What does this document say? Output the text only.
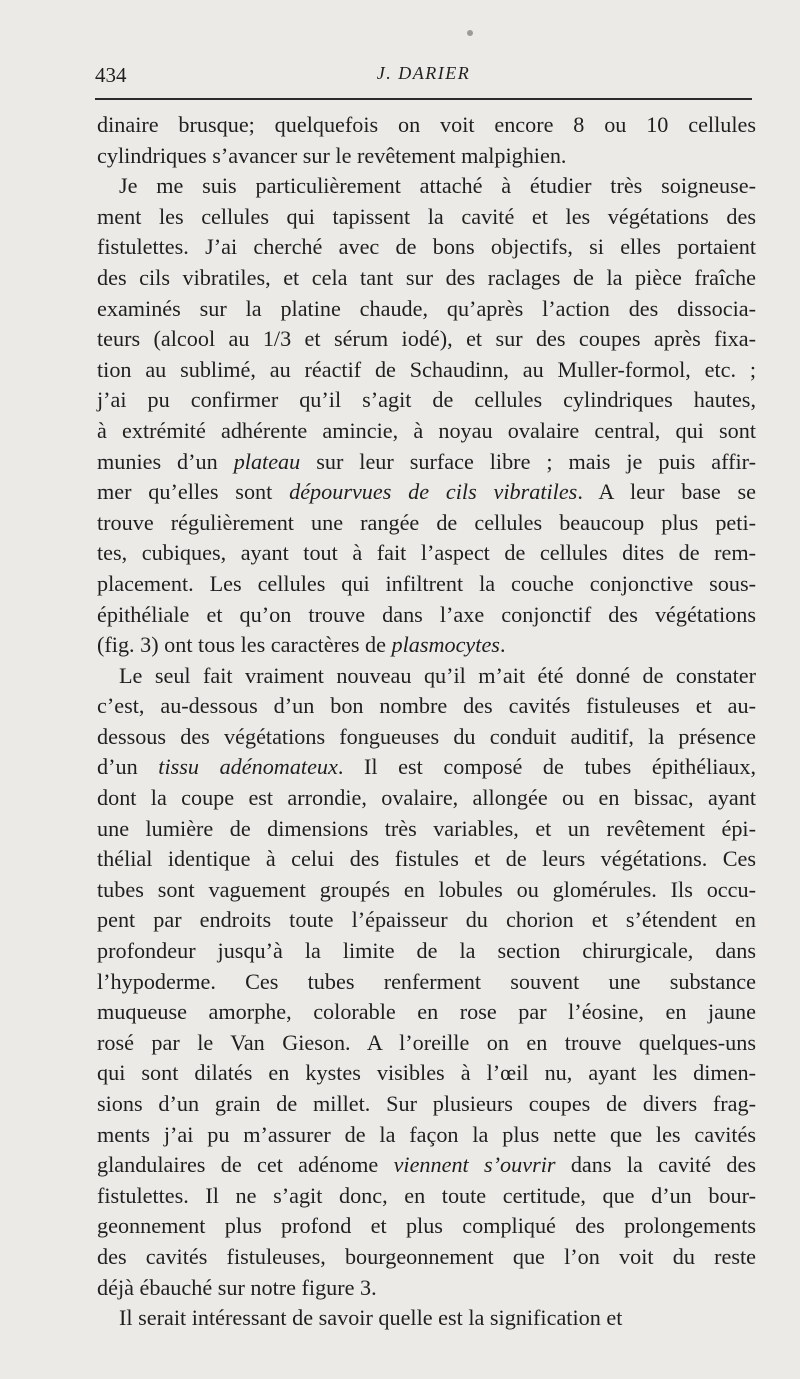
434	J. DARIER

dinaire brusque; quelquefois on voit encore 8 ou 10 cellules
cylindriques s’avancer sur le revêtement malpighien.

Je me suis particulièrement attaché à étudier très soigneuse-
ment les cellules qui tapissent la cavité et les végétations des
fistulettes. J’ai cherché avec de bons objectifs, si elles portaient
des cils vibratiles, et cela tant sur des raclages de la pièce fraîche
examinés sur la platine chaude, qu’après l’action des dissocia-
teurs (alcool au 1/3 et sérum iodé), et sur des coupes après fixa-
tion au sublimé, au réactif de Schaudinn, au Muller-formol, etc. ;
j’ai pu confirmer qu’il s’agit de cellules cylindriques hautes,
à extrémité adhérente amincie, à noyau ovalaire central, qui sont
munies d’un plateau sur leur surface libre ; mais je puis affir-
mer qu’elles sont dépourvues de cils vibratiles. A leur base se
trouve régulièrement une rangée de cellules beaucoup plus peti-
tes, cubiques, ayant tout à fait l’aspect de cellules dites de rem-
placement. Les cellules qui infiltrent la couche conjonctive sous-
épithéliale et qu’on trouve dans l’axe conjonctif des végétations
(fig. 3) ont tous les caractères de plasmocytes.

Le seul fait vraiment nouveau qu’il m’ait été donné de constater
c’est, au-dessous d’un bon nombre des cavités fistuleuses et au-
dessous des végétations fongueuses du conduit auditif, la présence
d’un tissu adénomateux. Il est composé de tubes épithéliaux,
dont la coupe est arrondie, ovalaire, allongée ou en bissac, ayant
une lumière de dimensions très variables, et un revêtement épi-
thélial identique à celui des fistules et de leurs végétations. Ces
tubes sont vaguement groupés en lobules ou glomérules. Ils occu-
pent par endroits toute l’épaisseur du chorion et s’étendent en
profondeur jusqu’à la limite de la section chirurgicale, dans
l’hypoderme. Ces tubes renferment souvent une substance
muqueuse amorphe, colorable en rose par l’éosine, en jaune
rosé par le Van Gieson. A l’oreille on en trouve quelques-uns
qui sont dilatés en kystes visibles à l’œil nu, ayant les dimen-
sions d’un grain de millet. Sur plusieurs coupes de divers frag-
ments j’ai pu m’assurer de la façon la plus nette que les cavités
glandulaires de cet adénome viennent s’ouvrir dans la cavité des
fistulettes. Il ne s’agit donc, en toute certitude, que d’un bour-
geonnement plus profond et plus compliqué des prolongements
des cavités fistuleuses, bourgeonnement que l’on voit du reste
déjà ébauché sur notre figure 3.

Il serait intéressant de savoir quelle est la signification et
